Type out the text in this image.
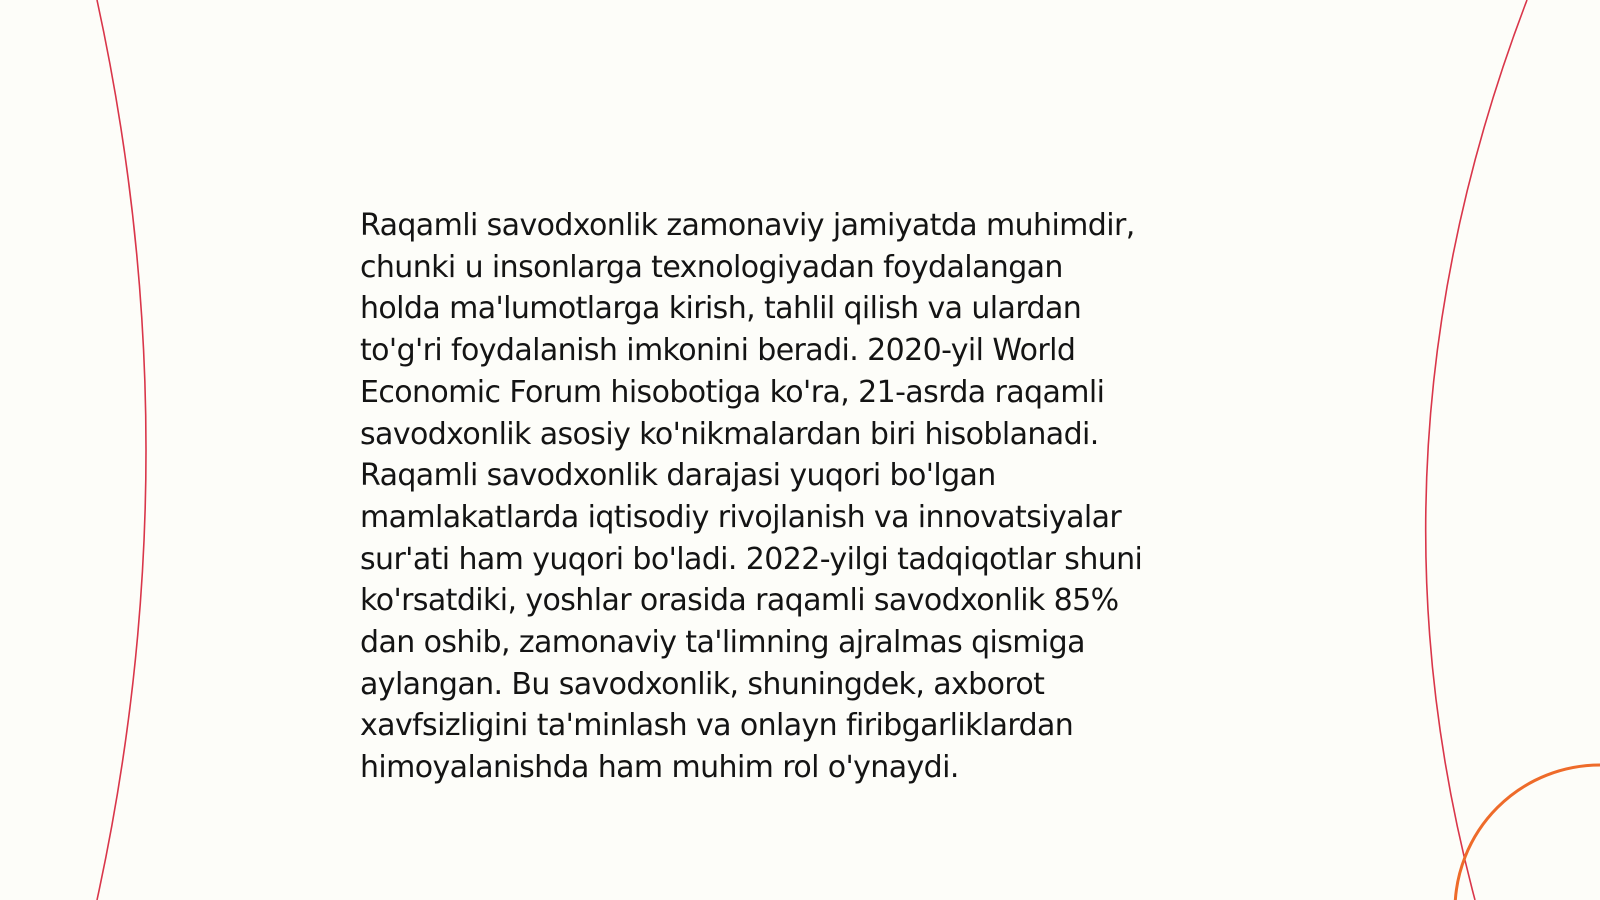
Raqamli savodxonlik zamonaviy jamiyatda muhimdir,
chunki u insonlarga texnologiyadan foydalangan
holda ma'lumotlarga kirish, tahlil qilish va ulardan
to'g'ri foydalanish imkonini beradi. 2020-yil World
Economic Forum hisobotiga ko'ra, 21-asrda raqamli
savodxonlik asosiy ko'nikmalardan biri hisoblanadi.
Raqamli savodxonlik darajasi yuqori bo'lgan
mamlakatlarda iqtisodiy rivojlanish va innovatsiyalar
sur'ati ham yuqori bo'ladi. 2022-yilgi tadqiqotlar shuni
ko'rsatdiki, yoshlar orasida raqamli savodxonlik 85%
dan oshib, zamonaviy ta'limning ajralmas qismiga
aylangan. Bu savodxonlik, shuningdek, axborot
xavfsizligini ta'minlash va onlayn firibgarliklardan
himoyalanishda ham muhim rol o'ynaydi.
